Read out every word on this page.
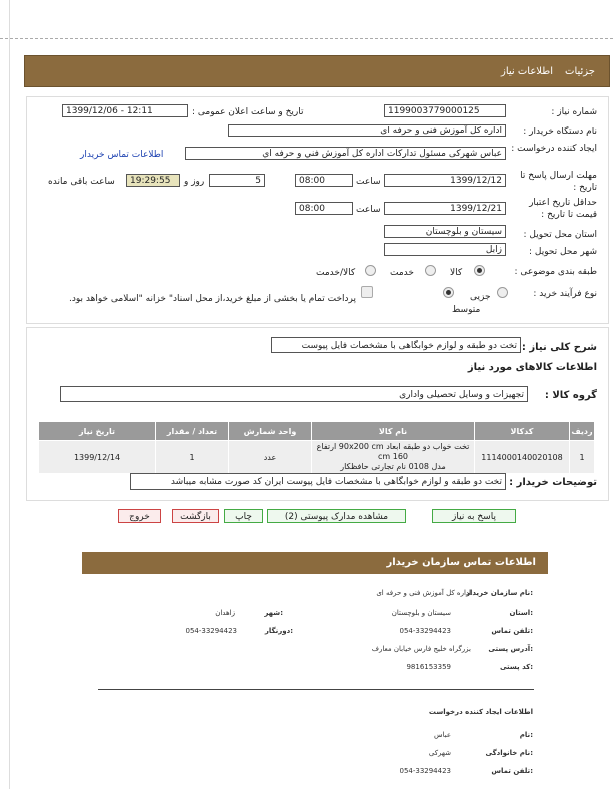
جزئیات
اطلاعات نیاز
شماره نیاز :
1199003779000125
تاریخ و ساعت اعلان عمومی :
1399/12/06 - 12:11
نام دستگاه خریدار :
اداره کل آموزش فنی و حرفه ای
ایجاد کننده درخواست :
عباس شهرکی مسئول تداركات اداره كل آموزش فني و حرفه اي
اطلاعات تماس خریدار
مهلت ارسال پاسخ تا تاریخ :
1399/12/12
ساعت
08:00
5
روز و
19:29:55
ساعت باقی مانده
حداقل تاریخ اعتبار قیمت تا تاریخ :
1399/12/21
ساعت
08:00
استان محل تحویل :
سیستان و بلوچستان
شهر محل تحویل :
زابل
طبقه بندی موضوعی :
کالا
خدمت
کالا/خدمت
نوع فرآیند خرید :
جزیی
متوسط
پرداخت تمام یا بخشی از مبلغ خرید،از محل اسناد" خزانه "اسلامی خواهد بود.
شرح کلی نیاز :
تخت دو طبقه و لوازم خوابگاهی با مشخصات فایل پیوست
اطلاعات کالاهای مورد نیاز
گروه کالا :
تجهیزات و وسایل تحصیلی واداری
ردیف	کدکالا	نام کالا	واحد شمارش	تعداد / مقدار	تاریخ نیاز
1	1114000140020108	تخت خواب دو طبقه ابعاد 90x200 cm ارتفاع 160 cm
مدل 0108 نام تجارتی حافظکار	عدد	1	1399/12/14
توضیحات خریدار :
تخت دو طبقه و لوازم خوابگاهی با مشخصات فایل پیوست ایران کد صورت مشابه میباشد
پاسخ به نیاز
مشاهده مدارک پیوستی (2)
چاپ
بازگشت
خروج
اطلاعات تماس سازمان خریدار
نام سازمان خریدار:
اداره کل آموزش فنی و حرفه ای
استان:
سیستان و بلوچستان
شهر:
زاهدان
تلفن تماس:
054-33294423
دورنگار:
054-33294423
آدرس پستی:
بزرگراه خلیج فارس خیابان معارف
کد پستی:
9816153359
اطلاعات ایجاد کننده درخواست
نام:
عباس
نام خانوادگی:
شهرکی
تلفن تماس:
054-33294423
